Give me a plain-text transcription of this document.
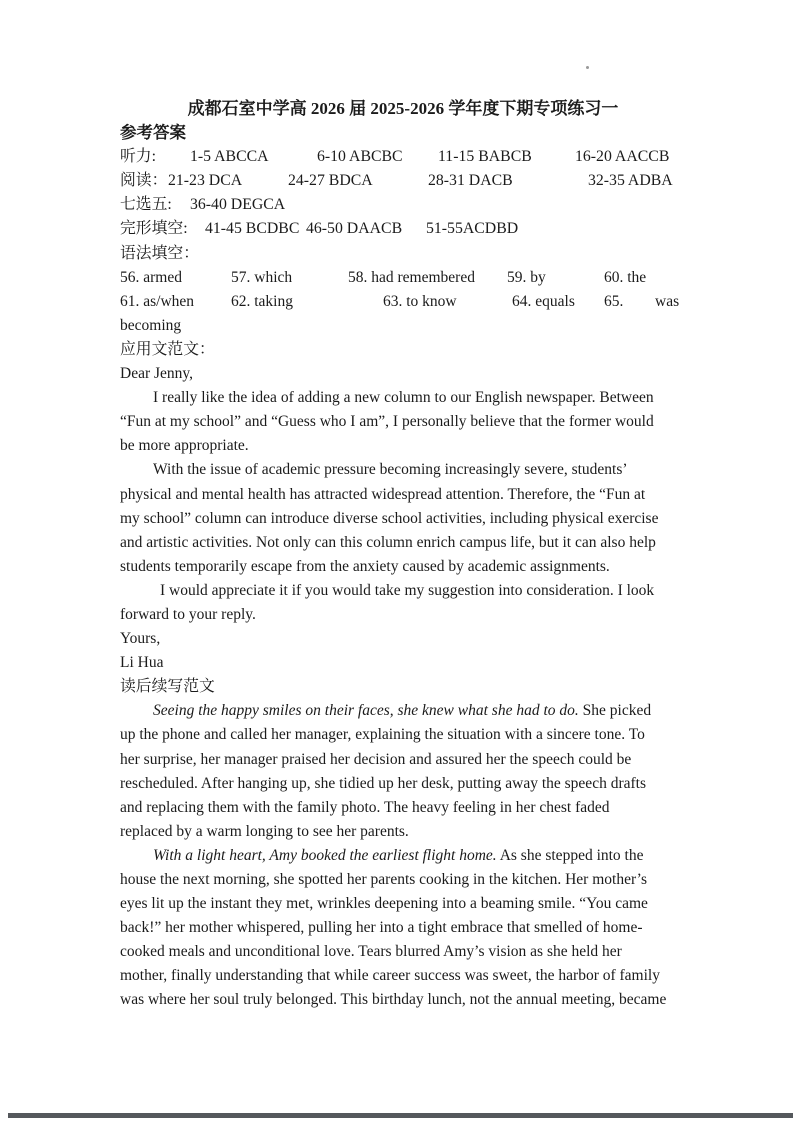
成都石室中学高 2026 届 2025-2026 学年度下期专项练习一
参考答案
听力: 1-5 ABCCA	6-10 ABCBC 11-15 BABCB	16-20 AACCB
阅读： 21-23 DCA	24-27 BDCA	28-31 DACB	32-35 ADBA
七选五: 36-40 DEGCA
完形填空: 41-45 BCDBC 46-50 DAACB 51-55ACDBD
语法填空：
56. armed	57. which	58. had remembered 59. by	60. the
61. as/when 62. taking	63. to know	64. equals 65. was
becoming
应用文范文：
Dear Jenny,
I really like the idea of adding a new column to our English newspaper. Between
“Fun at my school” and “Guess who I am”, I personally believe that the former would
be more appropriate.
With the issue of academic pressure becoming increasingly severe, students’
physical and mental health has attracted widespread attention. Therefore, the “Fun at
my school” column can introduce diverse school activities, including physical exercise
and artistic activities. Not only can this column enrich campus life, but it can also help
students temporarily escape from the anxiety caused by academic assignments.
I would appreciate it if you would take my suggestion into consideration. I look
forward to your reply.
Yours,
Li Hua
读后续写范文
Seeing the happy smiles on their faces, she knew what she had to do. She picked
up the phone and called her manager, explaining the situation with a sincere tone. To
her surprise, her manager praised her decision and assured her the speech could be
rescheduled. After hanging up, she tidied up her desk, putting away the speech drafts
and replacing them with the family photo. The heavy feeling in her chest faded
replaced by a warm longing to see her parents.
With a light heart, Amy booked the earliest flight home. As she stepped into the
house the next morning, she spotted her parents cooking in the kitchen. Her mother’s
eyes lit up the instant they met, wrinkles deepening into a beaming smile. “You came
back!” her mother whispered, pulling her into a tight embrace that smelled of home-
cooked meals and unconditional love. Tears blurred Amy’s vision as she held her
mother, finally understanding that while career success was sweet, the harbor of family
was where her soul truly belonged. This birthday lunch, not the annual meeting, became
